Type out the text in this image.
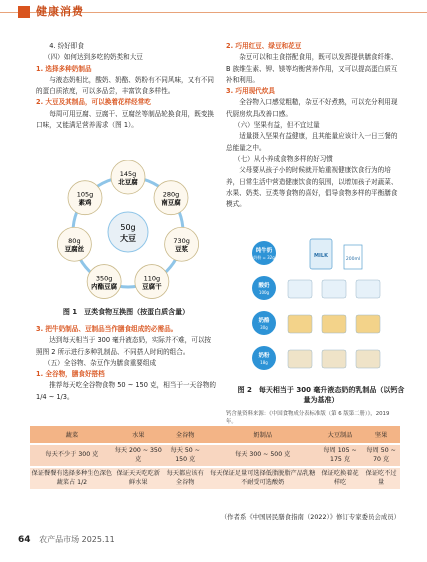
健康消费

4. 纷好即食

（四）如何达到多吃的奶类和大豆

1. 选择多种奶制品

与液态奶相比，酸奶、奶酪、奶粉有不同风味，又有不同的蛋白质浓度，可以多品尝，丰富饮食多样性。

2. 大豆及其制品，可以换着花样经常吃

每周可用豆腐、豆腐干、豆腐丝等制品轮换食用，既变换口味，又能满足营养需求（图 1）。

50g
大豆
145g
北豆腐
280g
南豆腐
730g
豆浆
110g
豆腐干
350g
内酯豆腐
80g
豆腐丝
105g
素鸡
图 1　豆类食物互换图（按蛋白质含量）

3. 把牛奶制品、豆制品当作膳食组成的必需品。

达到每天相当于 300 毫升液态奶，实际并不难，可以按照图 2 所示进行多种乳制品、不同搭人时间的组合。

（五）全谷物、杂豆作为膳食重要组成

1. 全谷物，膳食好搭档

推荐每天吃全谷物食物 50 ~ 150 克，相当于一天谷物的 1/4 ~ 1/3。

2. 巧用红豆、绿豆和花豆

杂豆可以和主食搭配食用，既可以发挥提供膳食纤维、B 族维生素、钾、镁等均衡营养作用，又可以提高蛋白质互补和利用。

3. 巧用现代炊具

全谷物入口感觉粗糙，杂豆不好煮熟，可以充分利用现代厨房炊具改善口感。

（六）坚果有益，但不宜过量

适量摄入坚果有益健康，且其能量应该计入一日三餐的总能量之中。

（七）从小养成食物多样的好习惯

父母要从孩子小的时候就开始重视健康饮食行为的培养，日常生活中营造健康饮食的氛围，以增加孩子对蔬菜、水果、奶类、豆类等食物的喜好，倡导食物多样的平衡膳食模式。

纯牛奶
奶粉 = 32g
酸奶
100g
奶酪
30g
奶粉
18g
MILK
200ml
图 2　每天相当于 300 毫升液态奶的乳制品（以钙含量为基准）
钙含量资料来源：《中国食物成分表标准版（第 6 版第二册）》，2019 年。
蔬菜	水果	全谷物	奶制品	大豆制品	坚果
每天不少于 300 克	每天 200 ~ 350 克	每天 50 ~ 150 克	每天 300 ~ 500 克	每周 105 ~ 175 克	每周 50 ~ 70 克
保证餐餐有选择多种生色深色蔬菜占 1/2	保证天天吃吃新鲜水果	每天都应该有全谷物	每天保证足量可选择低脂脱脂产品乳糖不耐受可选酸奶	保证吃换着花样吃	保证吃不过量
（作者系《中国居民膳食指南（2022）》修订专家委员会成员）
64 农产品市场 2025.11
